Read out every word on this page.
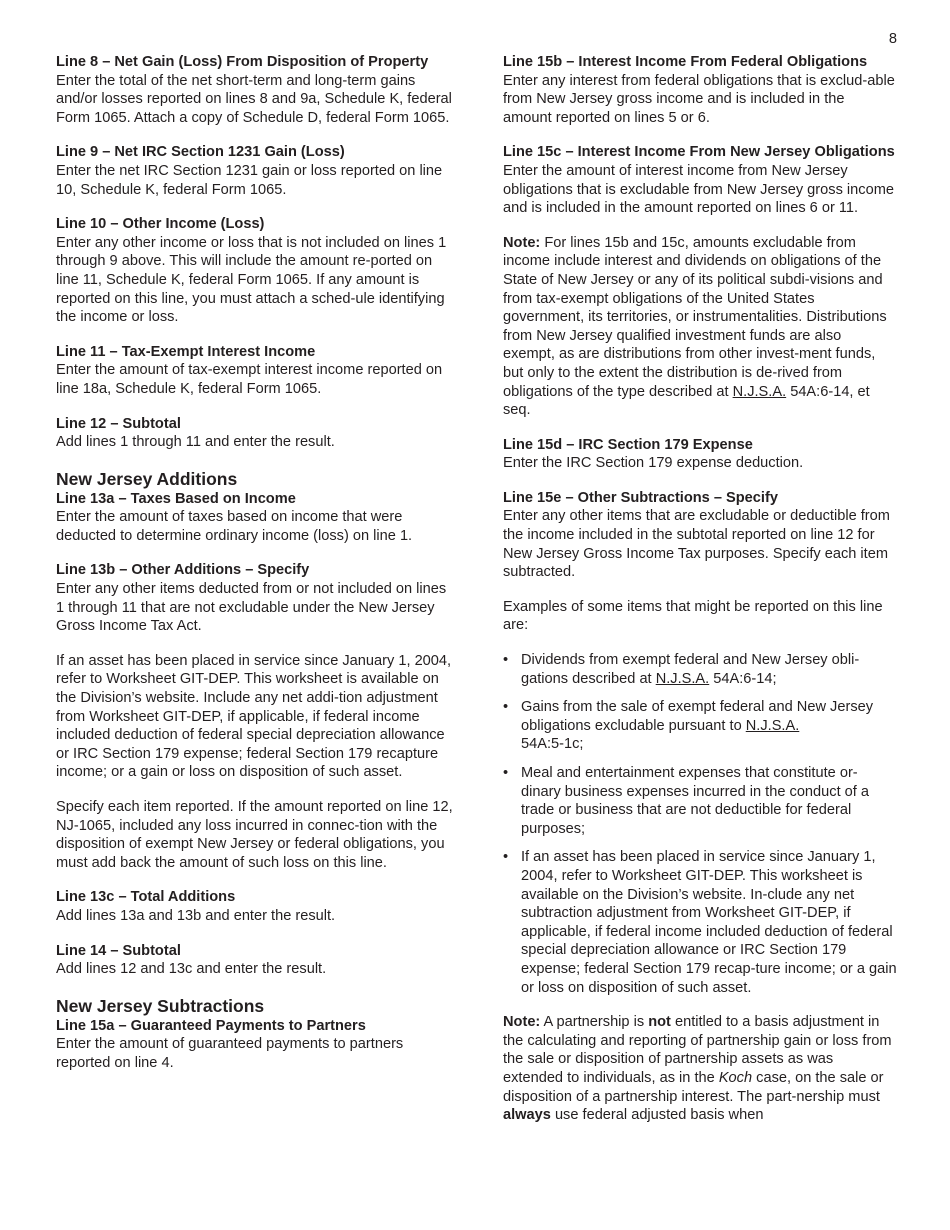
8
Line 8 – Net Gain (Loss) From Disposition of Property

Enter the total of the net short-term and long-term gains and/or losses reported on lines 8 and 9a, Schedule K, federal Form 1065. Attach a copy of Schedule D, federal Form 1065.

Line 9 – Net IRC Section 1231 Gain (Loss)

Enter the net IRC Section 1231 gain or loss reported on line 10, Schedule K, federal Form 1065.

Line 10 – Other Income (Loss)

Enter any other income or loss that is not included on lines 1 through 9 above. This will include the amount re-ported on line 11, Schedule K, federal Form 1065. If any amount is reported on this line, you must attach a sched-ule identifying the income or loss.

Line 11 – Tax-Exempt Interest Income

Enter the amount of tax-exempt interest income reported on line 18a, Schedule K, federal Form 1065.

Line 12 – Subtotal

Add lines 1 through 11 and enter the result.

New Jersey Additions
Line 13a – Taxes Based on Income

Enter the amount of taxes based on income that were deducted to determine ordinary income (loss) on line 1.

Line 13b – Other Additions – Specify

Enter any other items deducted from or not included on lines 1 through 11 that are not excludable under the New Jersey Gross Income Tax Act.

If an asset has been placed in service since January 1, 2004, refer to Worksheet GIT-DEP. This worksheet is available on the Division’s website. Include any net addi-tion adjustment from Worksheet GIT-DEP, if applicable, if federal income included deduction of federal special depreciation allowance or IRC Section 179 expense; federal Section 179 recapture income; or a gain or loss on disposition of such asset.

Specify each item reported. If the amount reported on line 12, NJ-1065, included any loss incurred in connec-tion with the disposition of exempt New Jersey or federal obligations, you must add back the amount of such loss on this line.

Line 13c – Total Additions

Add lines 13a and 13b and enter the result.

Line 14 – Subtotal

Add lines 12 and 13c and enter the result.

New Jersey Subtractions
Line 15a – Guaranteed Payments to Partners

Enter the amount of guaranteed payments to partners reported on line 4.

Line 15b – Interest Income From Federal Obligations

Enter any interest from federal obligations that is exclud-able from New Jersey gross income and is included in the amount reported on lines 5 or 6.

Line 15c – Interest Income From New Jersey Obligations

Enter the amount of interest income from New Jersey obligations that is excludable from New Jersey gross income and is included in the amount reported on lines 6 or 11.

Note: For lines 15b and 15c, amounts excludable from income include interest and dividends on obligations of the State of New Jersey or any of its political subdi-visions and from tax-exempt obligations of the United States government, its territories, or instrumentalities. Distributions from New Jersey qualified investment funds are also exempt, as are distributions from other invest-ment funds, but only to the extent the distribution is de-rived from obligations of the type described at N.J.S.A. 54A:6-14, et seq.

Line 15d – IRC Section 179 Expense

Enter the IRC Section 179 expense deduction.

Line 15e – Other Subtractions – Specify

Enter any other items that are excludable or deductible from the income included in the subtotal reported on line 12 for New Jersey Gross Income Tax purposes. Specify each item subtracted.

Examples of some items that might be reported on this line are:

• Dividends from exempt federal and New Jersey obli-gations described at N.J.S.A. 54A:6-14;
• Gains from the sale of exempt federal and New Jersey obligations excludable pursuant to N.J.S.A.
54A:5-1c;
• Meal and entertainment expenses that constitute or-dinary business expenses incurred in the conduct of a trade or business that are not deductible for federal purposes;
• If an asset has been placed in service since January 1, 2004, refer to Worksheet GIT-DEP. This worksheet is available on the Division’s website. In-clude any net subtraction adjustment from Worksheet GIT-DEP, if applicable, if federal income included deduction of federal special depreciation allowance or IRC Section 179 expense; federal Section 179 recap-ture income; or a gain or loss on disposition of such asset.

Note: A partnership is not entitled to a basis adjustment in the calculating and reporting of partnership gain or loss from the sale or disposition of partnership assets as was extended to individuals, as in the Koch case, on the sale or disposition of a partnership interest. The part-nership must always use federal adjusted basis when
